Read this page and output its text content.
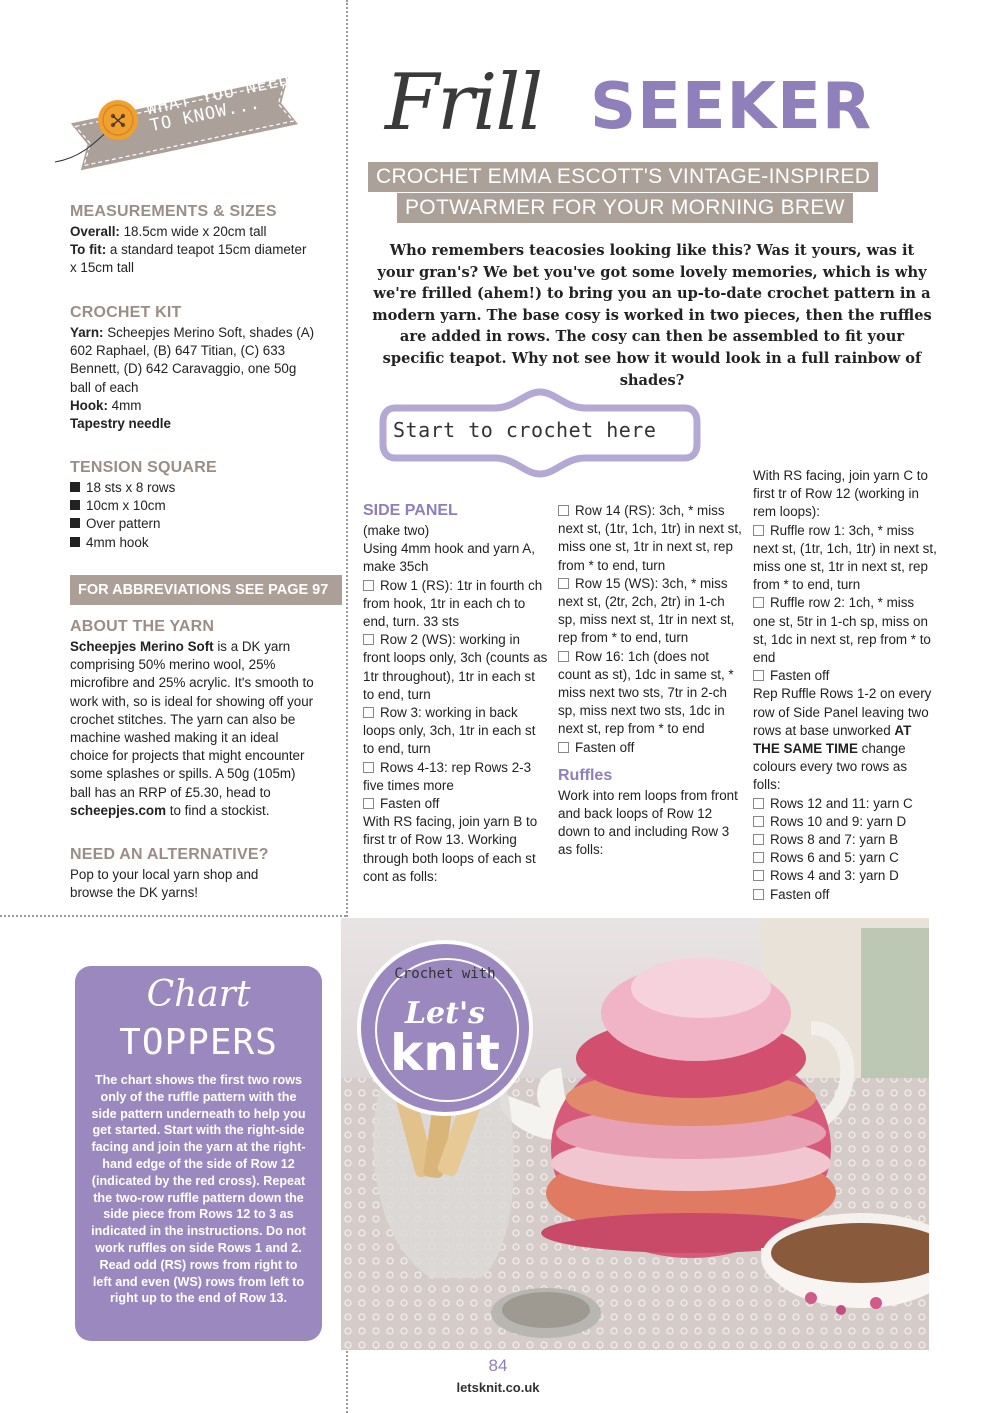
WHAT YOU NEED TO KNOW...
MEASUREMENTS & SIZES
Overall: 18.5cm wide x 20cm tall
To fit: a standard teapot 15cm diameter x 15cm tall
CROCHET KIT
Yarn: Scheepjes Merino Soft, shades (A) 602 Raphael, (B) 647 Titian, (C) 633 Bennett, (D) 642 Caravaggio, one 50g ball of each
Hook: 4mm
Tapestry needle
TENSION SQUARE
18 sts x 8 rows
10cm x 10cm
Over pattern
4mm hook
FOR ABBREVIATIONS SEE PAGE 97
ABOUT THE YARN
Scheepjes Merino Soft is a DK yarn comprising 50% merino wool, 25% microfibre and 25% acrylic. It's smooth to work with, so is ideal for showing off your crochet stitches. The yarn can also be machine washed making it an ideal choice for projects that might encounter some splashes or spills. A 50g (105m) ball has an RRP of £5.30, head to scheepjes.com to find a stockist.
NEED AN ALTERNATIVE?
Pop to your local yarn shop and browse the DK yarns!
Frill SEEKER
CROCHET EMMA ESCOTT'S VINTAGE-INSPIRED
POTWARMER FOR YOUR MORNING BREW
Who remembers teacosies looking like this? Was it yours, was it your gran's? We bet you've got some lovely memories, which is why we're frilled (ahem!) to bring you an up-to-date crochet pattern in a modern yarn. The base cosy is worked in two pieces, then the ruffles are added in rows. The cosy can then be assembled to fit your specific teapot. Why not see how it would look in a full rainbow of shades?
Start to crochet here
SIDE PANEL
(make two)
Using 4mm hook and yarn A, make 35ch
Row 1 (RS): 1tr in fourth ch from hook, 1tr in each ch to end, turn. 33 sts
Row 2 (WS): working in front loops only, 3ch (counts as 1tr throughout), 1tr in each st to end, turn
Row 3: working in back loops only, 3ch, 1tr in each st to end, turn
Rows 4-13: rep Rows 2-3 five times more
Fasten off
With RS facing, join yarn B to first tr of Row 13. Working through both loops of each st cont as folls:
Row 14 (RS): 3ch, * miss next st, (1tr, 1ch, 1tr) in next st, miss one st, 1tr in next st, rep from * to end, turn
Row 15 (WS): 3ch, * miss next st, (2tr, 2ch, 2tr) in 1-ch sp, miss next st, 1tr in next st, rep from * to end, turn
Row 16: 1ch (does not count as st), 1dc in same st, * miss next two sts, 7tr in 2-ch sp, miss next two sts, 1dc in next st, rep from * to end
Fasten off
Ruffles
Work into rem loops from front and back loops of Row 12 down to and including Row 3 as folls:
With RS facing, join yarn C to first tr of Row 12 (working in rem loops):
Ruffle row 1: 3ch, * miss next st, (1tr, 1ch, 1tr) in next st, miss one st, 1tr in next st, rep from * to end, turn
Ruffle row 2: 1ch, * miss one st, 5tr in 1-ch sp, miss on st, 1dc in next st, rep from * to end
Fasten off
Rep Ruffle Rows 1-2 on every row of Side Panel leaving two rows at base unworked AT THE SAME TIME change colours every two rows as folls:
Rows 12 and 11: yarn C
Rows 10 and 9: yarn D
Rows 8 and 7: yarn B
Rows 6 and 5: yarn C
Rows 4 and 3: yarn D
Fasten off
Crochet with
Let's
knit
Chart
TOPPERS
The chart shows the first two rows only of the ruffle pattern with the side pattern underneath to help you get started. Start with the right-side facing and join the yarn at the right-hand edge of the side of Row 12 (indicated by the red cross). Repeat the two-row ruffle pattern down the side piece from Rows 12 to 3 as indicated in the instructions. Do not work ruffles on side Rows 1 and 2. Read odd (RS) rows from right to left and even (WS) rows from left to right up to the end of Row 13.
84
letsknit.co.uk
